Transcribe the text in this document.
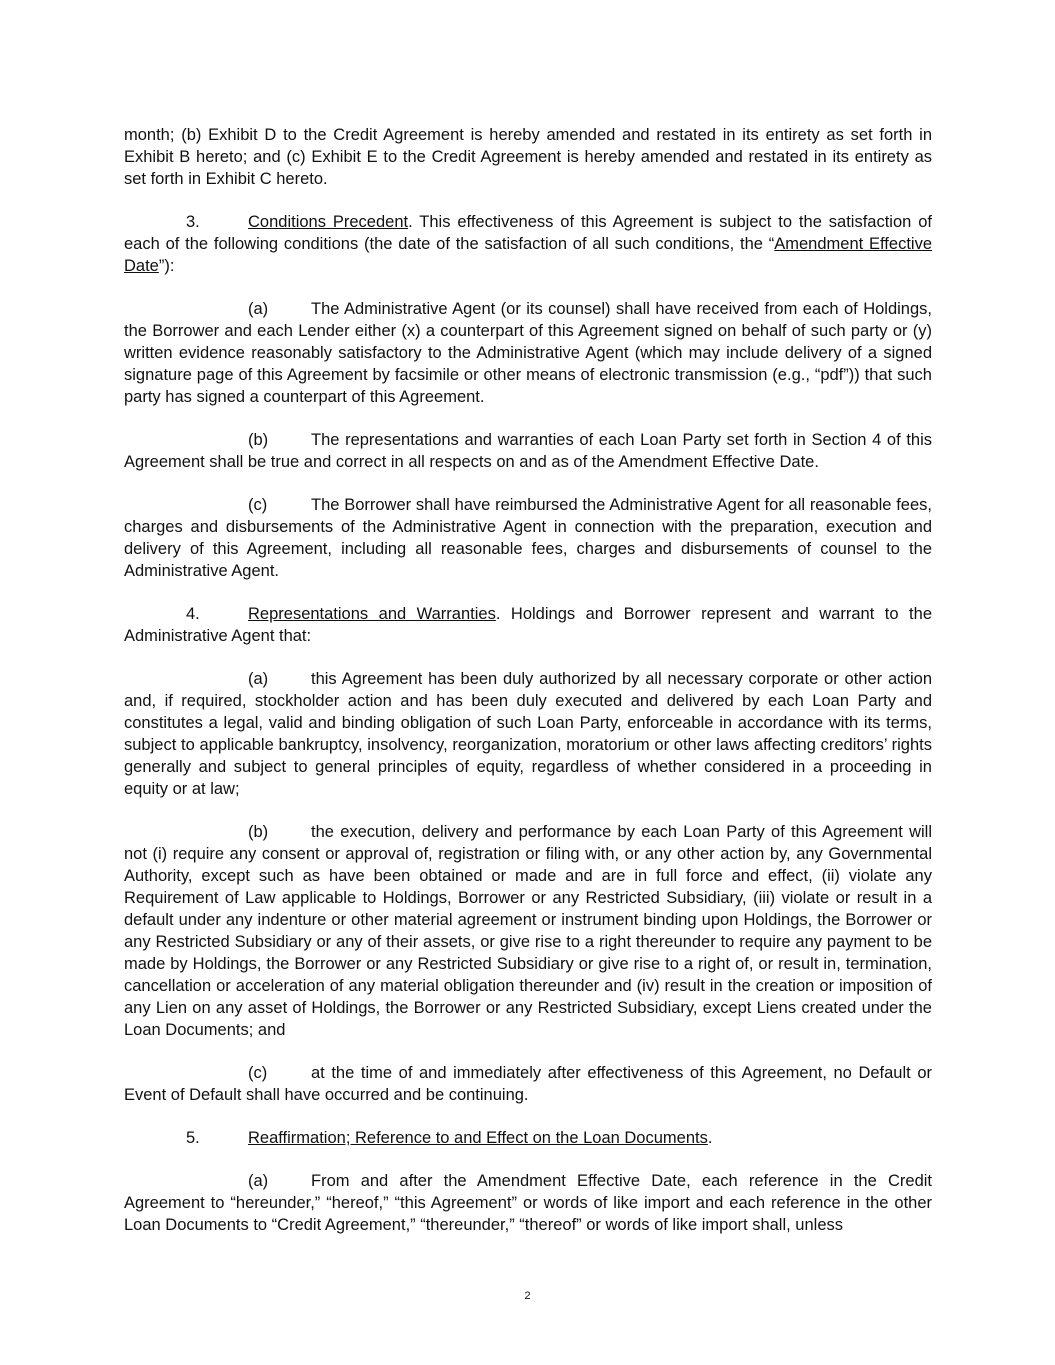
month; (b) Exhibit D to the Credit Agreement is hereby amended and restated in its entirety as set forth in Exhibit B hereto; and (c) Exhibit E to the Credit Agreement is hereby amended and restated in its entirety as set forth in Exhibit C hereto.

3.	Conditions Precedent. This effectiveness of this Agreement is subject to the satisfaction of each of the following conditions (the date of the satisfaction of all such conditions, the “Amendment Effective Date”):

(a)	The Administrative Agent (or its counsel) shall have received from each of Holdings, the Borrower and each Lender either (x) a counterpart of this Agreement signed on behalf of such party or (y) written evidence reasonably satisfactory to the Administrative Agent (which may include delivery of a signed signature page of this Agreement by facsimile or other means of electronic transmission (e.g., “pdf”)) that such party has signed a counterpart of this Agreement.

(b)	The representations and warranties of each Loan Party set forth in Section 4 of this Agreement shall be true and correct in all respects on and as of the Amendment Effective Date.

(c)	The Borrower shall have reimbursed the Administrative Agent for all reasonable fees, charges and disbursements of the Administrative Agent in connection with the preparation, execution and delivery of this Agreement, including all reasonable fees, charges and disbursements of counsel to the Administrative Agent.

4.	Representations and Warranties. Holdings and Borrower represent and warrant to the Administrative Agent that:

(a)	this Agreement has been duly authorized by all necessary corporate or other action and, if required, stockholder action and has been duly executed and delivered by each Loan Party and constitutes a legal, valid and binding obligation of such Loan Party, enforceable in accordance with its terms, subject to applicable bankruptcy, insolvency, reorganization, moratorium or other laws affecting creditors’ rights generally and subject to general principles of equity, regardless of whether considered in a proceeding in equity or at law;

(b)	the execution, delivery and performance by each Loan Party of this Agreement will not (i) require any consent or approval of, registration or filing with, or any other action by, any Governmental Authority, except such as have been obtained or made and are in full force and effect, (ii) violate any Requirement of Law applicable to Holdings, Borrower or any Restricted Subsidiary, (iii) violate or result in a default under any indenture or other material agreement or instrument binding upon Holdings, the Borrower or any Restricted Subsidiary or any of their assets, or give rise to a right thereunder to require any payment to be made by Holdings, the Borrower or any Restricted Subsidiary or give rise to a right of, or result in, termination, cancellation or acceleration of any material obligation thereunder and (iv) result in the creation or imposition of any Lien on any asset of Holdings, the Borrower or any Restricted Subsidiary, except Liens created under the Loan Documents; and

(c)	at the time of and immediately after effectiveness of this Agreement, no Default or Event of Default shall have occurred and be continuing.

5.	Reaffirmation; Reference to and Effect on the Loan Documents.

(a)	From and after the Amendment Effective Date, each reference in the Credit Agreement to “hereunder,” “hereof,” “this Agreement” or words of like import and each reference in the other Loan Documents to “Credit Agreement,” “thereunder,” “thereof” or words of like import shall, unless

2
